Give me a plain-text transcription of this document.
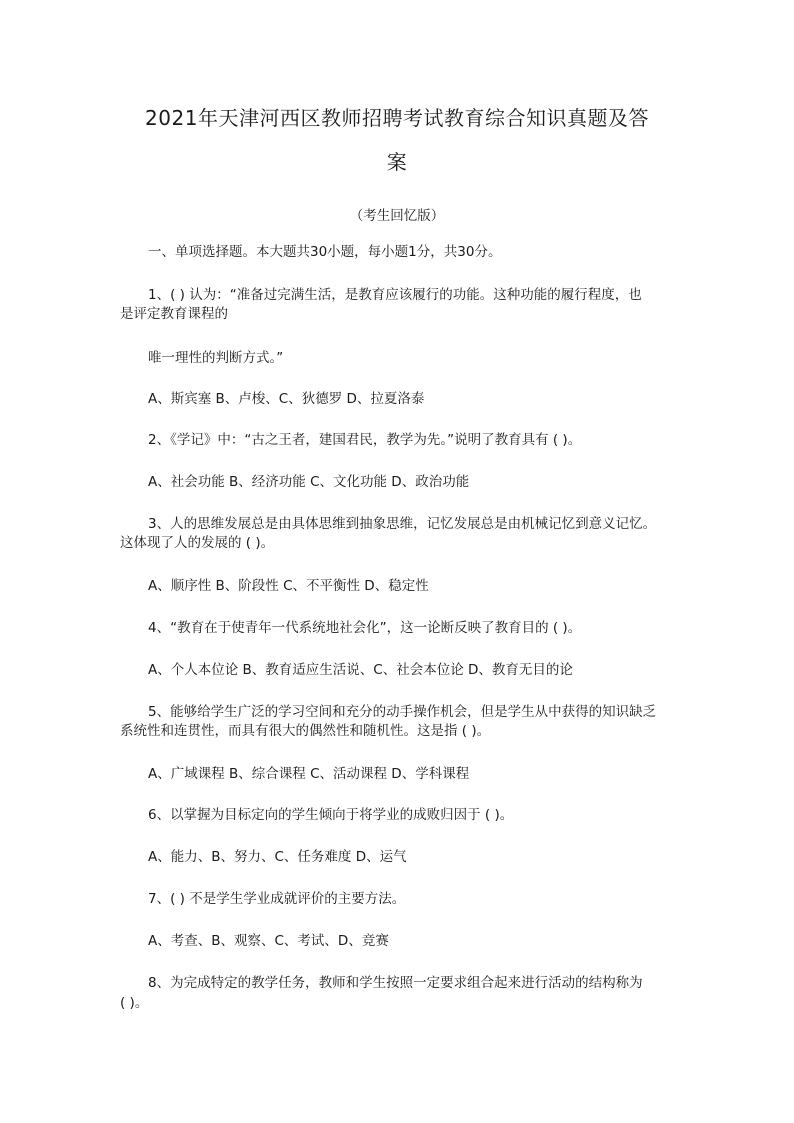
2021年天津河西区教师招聘考试教育综合知识真题及答
案
（考生回忆版）
一、单项选择题。本大题共30小题，每小题1分，共30分。
1、( ) 认为：“准备过完满生活，是教育应该履行的功能。这种功能的履行程度，也
是评定教育课程的
唯一理性的判断方式。”
A、斯宾塞 B、卢梭、C、狄德罗 D、拉夏洛泰
2、《学记》中：“古之王者，建国君民，教学为先。”说明了教育具有 ( )。
A、社会功能 B、经济功能 C、文化功能 D、政治功能
3、人的思维发展总是由具体思维到抽象思维，记忆发展总是由机械记忆到意义记忆。
这体现了人的发展的 ( )。
A、顺序性 B、阶段性 C、不平衡性 D、稳定性
4、“教育在于使青年一代系统地社会化”，这一论断反映了教育目的 ( )。
A、个人本位论 B、教育适应生活说、C、社会本位论 D、教育无目的论
5、能够给学生广泛的学习空间和充分的动手操作机会，但是学生从中获得的知识缺乏
系统性和连贯性，而具有很大的偶然性和随机性。这是指 ( )。
A、广域课程 B、综合课程 C、活动课程 D、学科课程
6、以掌握为目标定向的学生倾向于将学业的成败归因于 ( )。
A、能力、B、努力、C、任务难度 D、运气
7、( ) 不是学生学业成就评价的主要方法。
A、考查、B、观察、C、考试、D、竞赛
8、为完成特定的教学任务，教师和学生按照一定要求组合起来进行活动的结构称为
( )。
